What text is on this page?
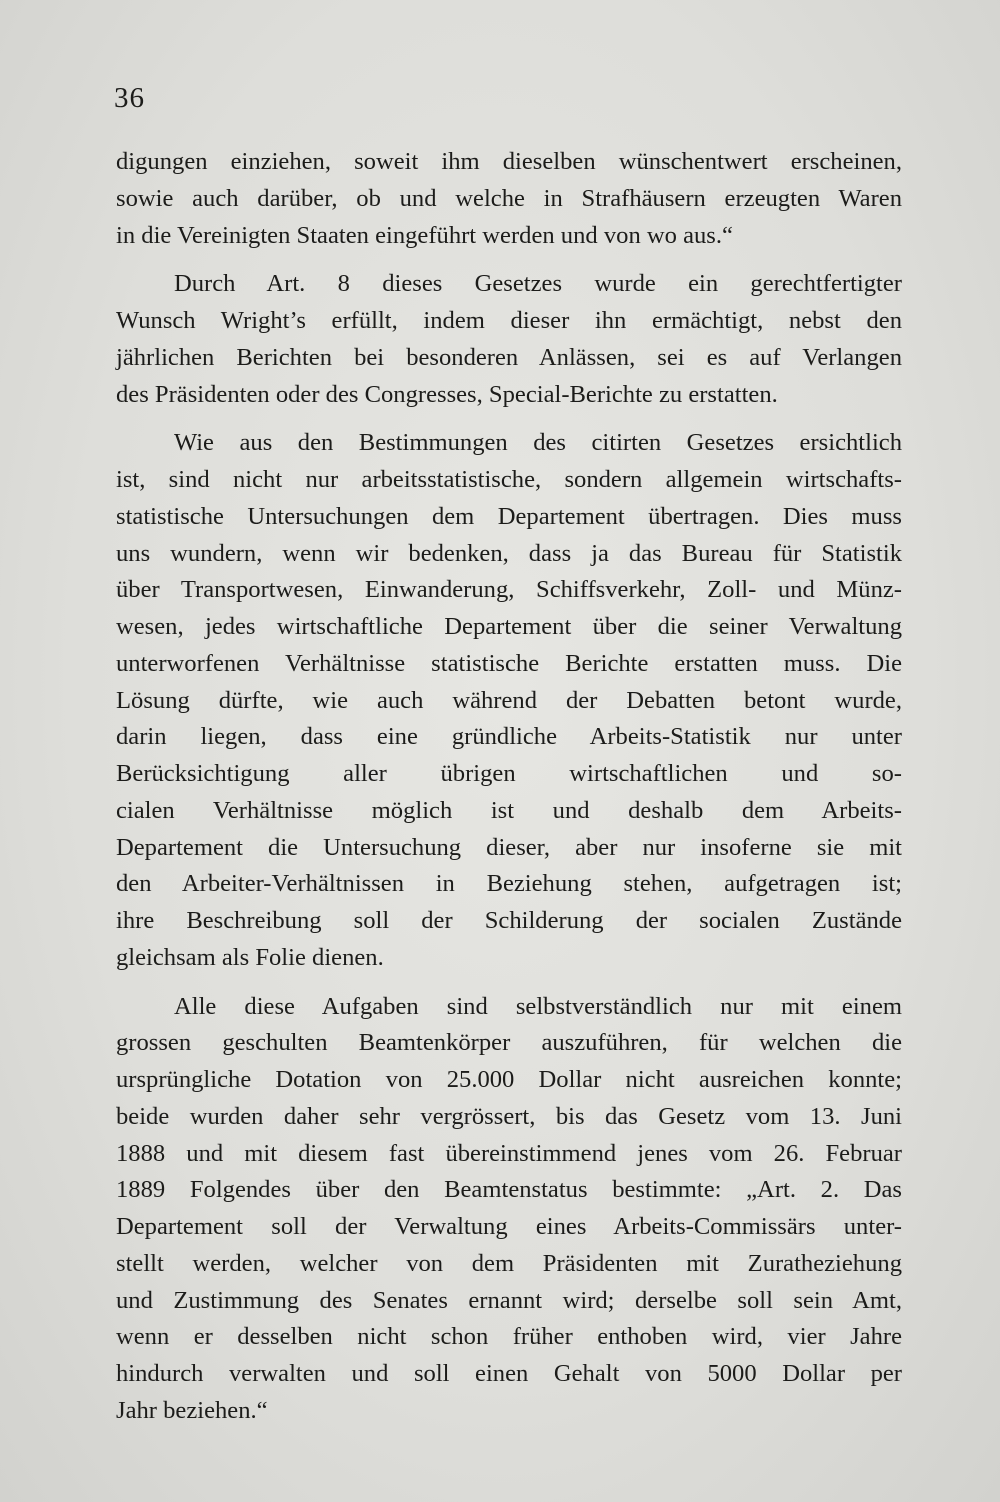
36
digungen einziehen, soweit ihm dieselben wünschentwert erscheinen,
sowie auch darüber, ob und welche in Strafhäusern erzeugten Waren
in die Vereinigten Staaten eingeführt werden und von wo aus.“
Durch Art. 8 dieses Gesetzes wurde ein gerechtfertigter
Wunsch Wright’s erfüllt, indem dieser ihn ermächtigt, nebst den
jährlichen Berichten bei besonderen Anlässen, sei es auf Verlangen
des Präsidenten oder des Congresses, Special-Berichte zu erstatten.
Wie aus den Bestimmungen des citirten Gesetzes ersichtlich
ist, sind nicht nur arbeitsstatistische, sondern allgemein wirtschafts-
statistische Untersuchungen dem Departement übertragen. Dies muss
uns wundern, wenn wir bedenken, dass ja das Bureau für Statistik
über Transportwesen, Einwanderung, Schiffsverkehr, Zoll- und Münz-
wesen, jedes wirtschaftliche Departement über die seiner Verwaltung
unterworfenen Verhältnisse statistische Berichte erstatten muss. Die
Lösung dürfte, wie auch während der Debatten betont wurde,
darin liegen, dass eine gründliche Arbeits-Statistik nur unter
Berücksichtigung aller übrigen wirtschaftlichen und so-
cialen Verhältnisse möglich ist und deshalb dem Arbeits-
Departement die Untersuchung dieser, aber nur insoferne sie mit
den Arbeiter-Verhältnissen in Beziehung stehen, aufgetragen ist;
ihre Beschreibung soll der Schilderung der socialen Zustände
gleichsam als Folie dienen.
Alle diese Aufgaben sind selbstverständlich nur mit einem
grossen geschulten Beamtenkörper auszuführen, für welchen die
ursprüngliche Dotation von 25.000 Dollar nicht ausreichen konnte;
beide wurden daher sehr vergrössert, bis das Gesetz vom 13. Juni
1888 und mit diesem fast übereinstimmend jenes vom 26. Februar
1889 Folgendes über den Beamtenstatus bestimmte: „Art. 2. Das
Departement soll der Verwaltung eines Arbeits-Commissärs unter-
stellt werden, welcher von dem Präsidenten mit Zuratheziehung
und Zustimmung des Senates ernannt wird; derselbe soll sein Amt,
wenn er desselben nicht schon früher enthoben wird, vier Jahre
hindurch verwalten und soll einen Gehalt von 5000 Dollar per
Jahr beziehen.“
